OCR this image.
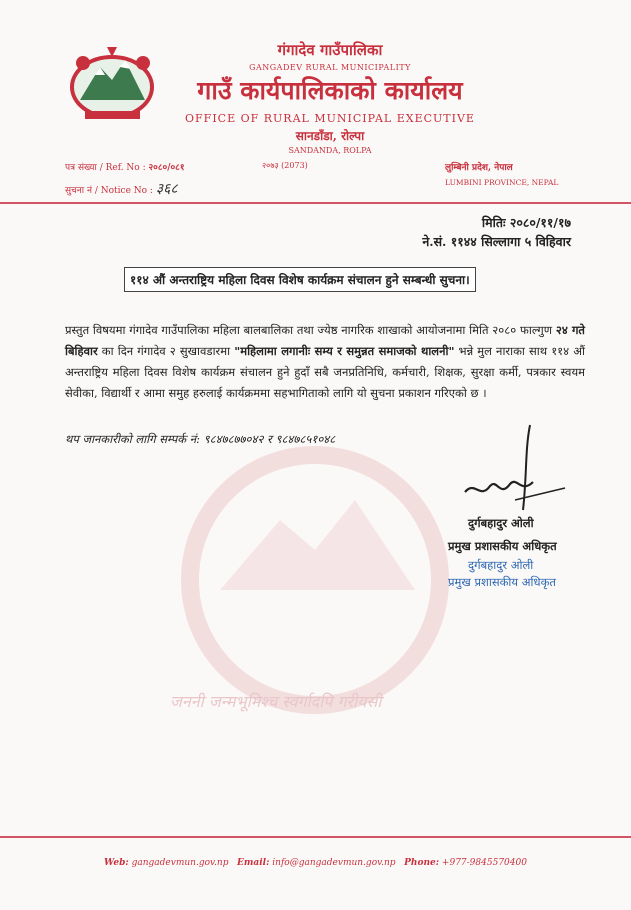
जननी जन्मभूमिश्च स्वर्गादपि गरीयसी
गंगादेव गाउँपालिका
GANGADEV RURAL MUNICIPALITY
गाउँ कार्यपालिकाको कार्यालय
OFFICE OF RURAL MUNICIPAL EXECUTIVE
सानडाँडा, रोल्पा
SANDANDA, ROLPA
पत्र संख्या / Ref. No : २०८०/०८१
सुचना नं / Notice No : ३६८
२०७३ (2073)	लुम्बिनी प्रदेश, नेपाल
LUMBINI PROVINCE, NEPAL
मितिः २०८०/११/१७
ने.सं. ११४४ सिल्लागा ५ विहिवार
११४ औं अन्तराष्ट्रिय महिला दिवस विशेष कार्यक्रम संचालन हुने सम्बन्धी सुचना।
प्रस्तुत विषयमा गंगादेव गाउँपालिका महिला बालबालिका तथा ज्येष्ठ नागरिक शाखाको आयोजनामा मिति २०८० फाल्गुण २४ गते बिहिवार का दिन गंगादेव २ सुखावडारमा "महिलामा लगानीः सम्य र समुन्नत समाजको थालनी" भन्ने मुल नाराका साथ ११४ औं अन्तराष्ट्रिय महिला दिवस विशेष कार्यक्रम संचालन हुने हुदाँ सबै जनप्रतिनिधि, कर्मचारी, शिक्षक, सुरक्षा कर्मी, पत्रकार स्वयम सेवीका, विद्यार्थी र आमा समुह हरुलाई कार्यक्रममा सहभागिताको लागि यो सुचना प्रकाशन गरिएको छ ।
थप जानकारीको लागि सम्पर्क नं: ९८४७८७७०४२ र ९८४७८५१०४८
दुर्गबहादुर ओली
प्रमुख प्रशासकीय अधिकृत
दुर्गबहादुर ओली
प्रमुख प्रशासकीय अधिकृत
Web: gangadevmun.gov.np Email: info@gangadevmun.gov.np Phone: +977-9845570400
